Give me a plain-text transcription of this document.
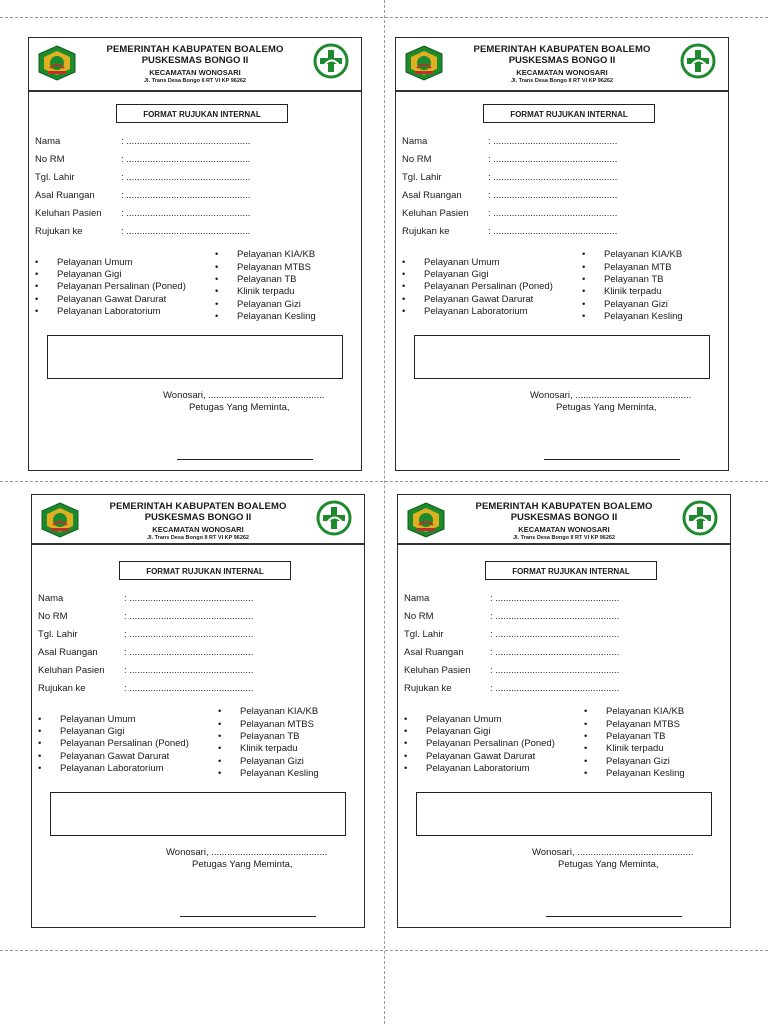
PEMERINTAH KABUPATEN BOALEMO
PUSKESMAS BONGO II
KECAMATAN WONOSARI
Jl. Trans Desa Bongo II RT VI KP 96262
FORMAT RUJUKAN INTERNAL
Nama	: ...............................................
No RM	: ...............................................
Tgl. Lahir	: ...............................................
Asal Ruangan	: ...............................................
Keluhan Pasien : ...............................................
Rujukan ke	: ...............................................
• Pelayanan Umum
• Pelayanan Gigi
• Pelayanan Persalinan (Poned)
• Pelayanan Gawat Darurat
• Pelayanan Laboratorium
• Pelayanan KIA/KB
• Pelayanan MTBS
• Pelayanan TB
• Klinik terpadu
• Pelayanan Gizi
• Pelayanan Kesling
Wonosari, ............................................
Petugas Yang Meminta,
PEMERINTAH KABUPATEN BOALEMO
PUSKESMAS BONGO II
KECAMATAN WONOSARI
Jl. Trans Desa Bongo II RT VI KP 96262
FORMAT RUJUKAN INTERNAL
Nama	: ...............................................
No RM	: ...............................................
Tgl. Lahir	: ...............................................
Asal Ruangan	: ...............................................
Keluhan Pasien : ...............................................
Rujukan ke	: ...............................................
• Pelayanan Umum
• Pelayanan Gigi
• Pelayanan Persalinan (Poned)
• Pelayanan Gawat Darurat
• Pelayanan Laboratorium
• Pelayanan KIA/KB
• Pelayanan MTB
• Pelayanan TB
• Klinik terpadu
• Pelayanan Gizi
• Pelayanan Kesling
Wonosari, ............................................
Petugas Yang Meminta,
PEMERINTAH KABUPATEN BOALEMO
PUSKESMAS BONGO II
KECAMATAN WONOSARI
Jl. Trans Desa Bongo II RT VI KP 96262
FORMAT RUJUKAN INTERNAL
Nama	: ...............................................
No RM	: ...............................................
Tgl. Lahir	: ...............................................
Asal Ruangan	: ...............................................
Keluhan Pasien : ...............................................
Rujukan ke	: ...............................................
• Pelayanan Umum
• Pelayanan Gigi
• Pelayanan Persalinan (Poned)
• Pelayanan Gawat Darurat
• Pelayanan Laboratorium
• Pelayanan KIA/KB
• Pelayanan MTBS
• Pelayanan TB
• Klinik terpadu
• Pelayanan Gizi
• Pelayanan Kesling
Wonosari, ............................................
Petugas Yang Meminta,
PEMERINTAH KABUPATEN BOALEMO
PUSKESMAS BONGO II
KECAMATAN WONOSARI
Jl. Trans Desa Bongo II RT VI KP 96262
FORMAT RUJUKAN INTERNAL
Nama	: ...............................................
No RM	: ...............................................
Tgl. Lahir	: ...............................................
Asal Ruangan	: ...............................................
Keluhan Pasien : ...............................................
Rujukan ke	: ...............................................
• Pelayanan Umum
• Pelayanan Gigi
• Pelayanan Persalinan (Poned)
• Pelayanan Gawat Darurat
• Pelayanan Laboratorium
• Pelayanan KIA/KB
• Pelayanan MTBS
• Pelayanan TB
• Klinik terpadu
• Pelayanan Gizi
• Pelayanan Kesling
Wonosari, ............................................
Petugas Yang Meminta,
